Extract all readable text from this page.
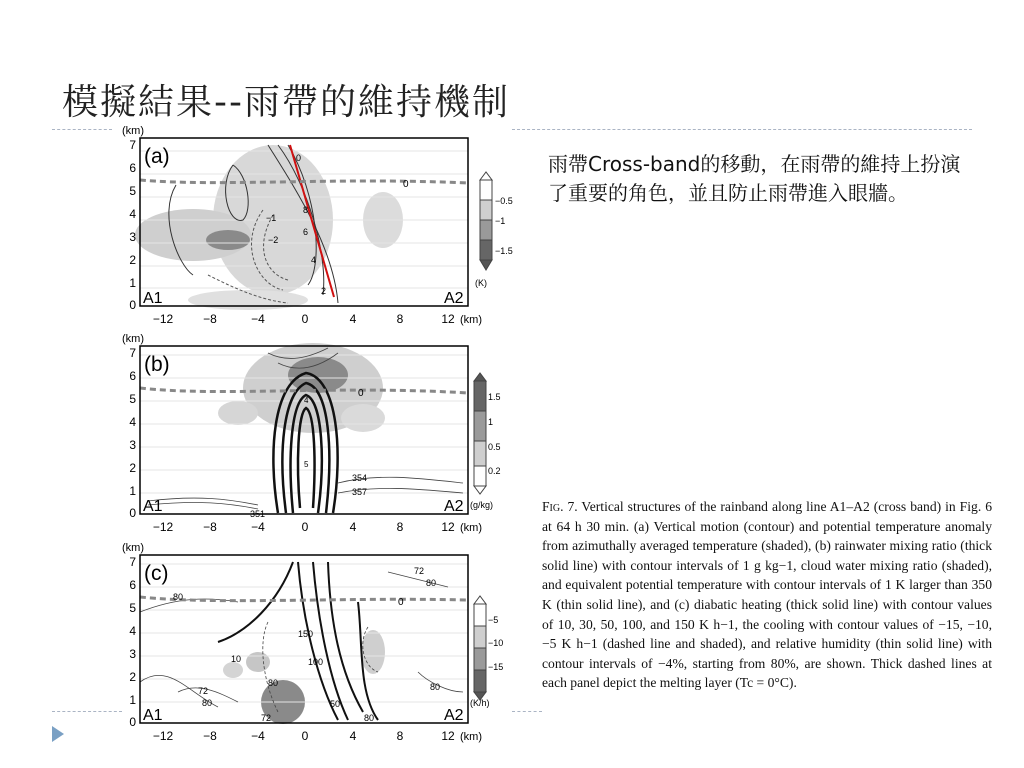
模擬結果--雨帶的維持機制
雨帶Cross-band的移動，在雨帶的維持上扮演了重要的角色，並且防止雨帶進入眼牆。
Fig. 7. Vertical structures of the rainband along line A1–A2 (cross band) in Fig. 6 at 64 h 30 min. (a) Vertical motion (contour) and potential temperature anomaly from azimuthally averaged temperature (shaded), (b) rainwater mixing ratio (thick solid line) with contour intervals of 1 g kg−1, cloud water mixing ratio (shaded), and equivalent potential temperature with contour intervals of 1 K larger than 350 K (thin solid line), and (c) diabatic heating (thick solid line) with contour values of 10, 30, 50, 100, and 150 K h−1, the cooling with contour values of −15, −10, −5 K h−1 (dashed line and shaded), and relative humidity (thin solid line) with contour intervals of −4%, starting from 80%, are shown. Thick dashed lines at each panel depict the melting layer (Tc = 0°C).
0
0
8
6
4
2
−1
−2
(a)
A1	A2
(km)
0
1
2
3
4
5
6
7
−12 −8	−4	0	4	8	12 (km)
−0.5
−1
−1.5
(K)
0
354
357
351
4
5
(b)
A1	A2
(km)
0
1
2
3
4
5
6
7
−12 −8	−4	0	4	8	12 (km)
1.5
1
0.5
0.2
(g/kg)
0
80
72
80
150
100
10
80
72
80	50
72	80
80
(c)
A1	A2
(km)
0
1
2
3
4
5
6
7
−12 −8	−4	0	4	8	12 (km)
−5
−10
−15
(K/h)
